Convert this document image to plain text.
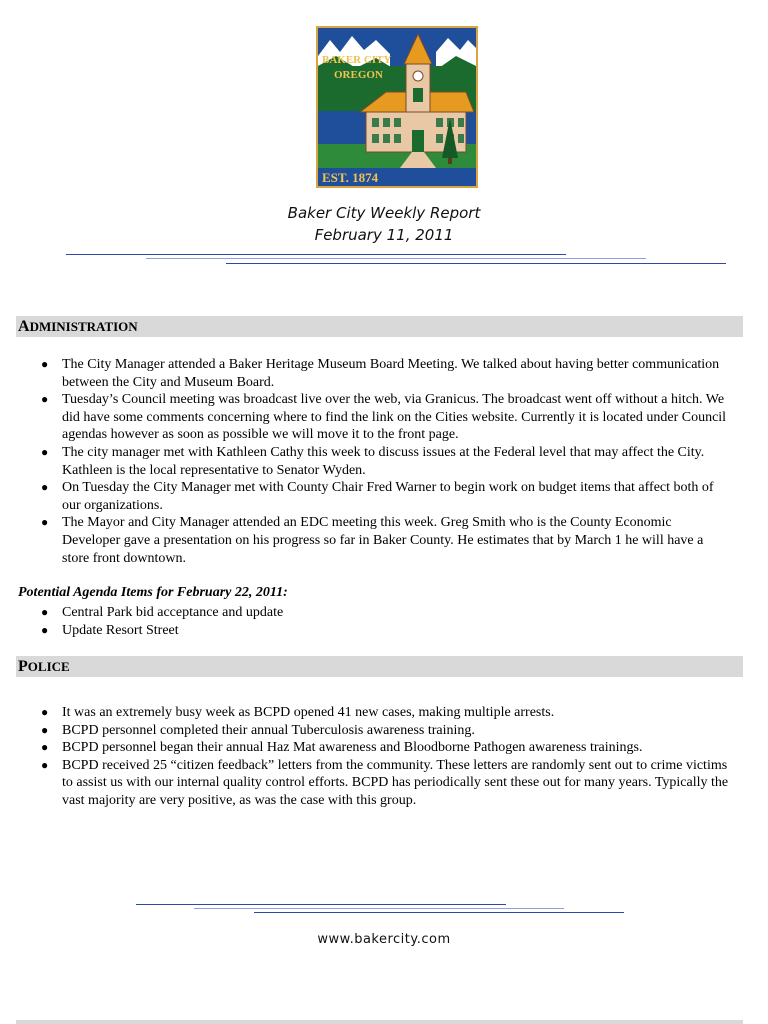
BAKER CITY
OREGON
EST. 1874
Baker City Weekly Report
February 11, 2011
ADMINISTRATION
● The City Manager attended a Baker Heritage Museum Board Meeting. We talked about having better communication between the City and Museum Board.
● Tuesday’s Council meeting was broadcast live over the web, via Granicus. The broadcast went off without a hitch. We did have some comments concerning where to find the link on the Cities website. Currently it is located under Council agendas however as soon as possible we will move it to the front page.
● The city manager met with Kathleen Cathy this week to discuss issues at the Federal level that may affect the City. Kathleen is the local representative to Senator Wyden.
● On Tuesday the City Manager met with County Chair Fred Warner to begin work on budget items that affect both of our organizations.
● The Mayor and City Manager attended an EDC meeting this week. Greg Smith who is the County Economic Developer gave a presentation on his progress so far in Baker County. He estimates that by March 1 he will have a store front downtown.
Potential Agenda Items for February 22, 2011:
● Central Park bid acceptance and update
● Update Resort Street
POLICE
● It was an extremely busy week as BCPD opened 41 new cases, making multiple arrests.
● BCPD personnel completed their annual Tuberculosis awareness training.
● BCPD personnel began their annual Haz Mat awareness and Bloodborne Pathogen awareness trainings.
● BCPD received 25 “citizen feedback” letters from the community. These letters are randomly sent out to crime victims to assist us with our internal quality control efforts. BCPD has periodically sent these out for many years. Typically the vast majority are very positive, as was the case with this group.
www.bakercity.com
